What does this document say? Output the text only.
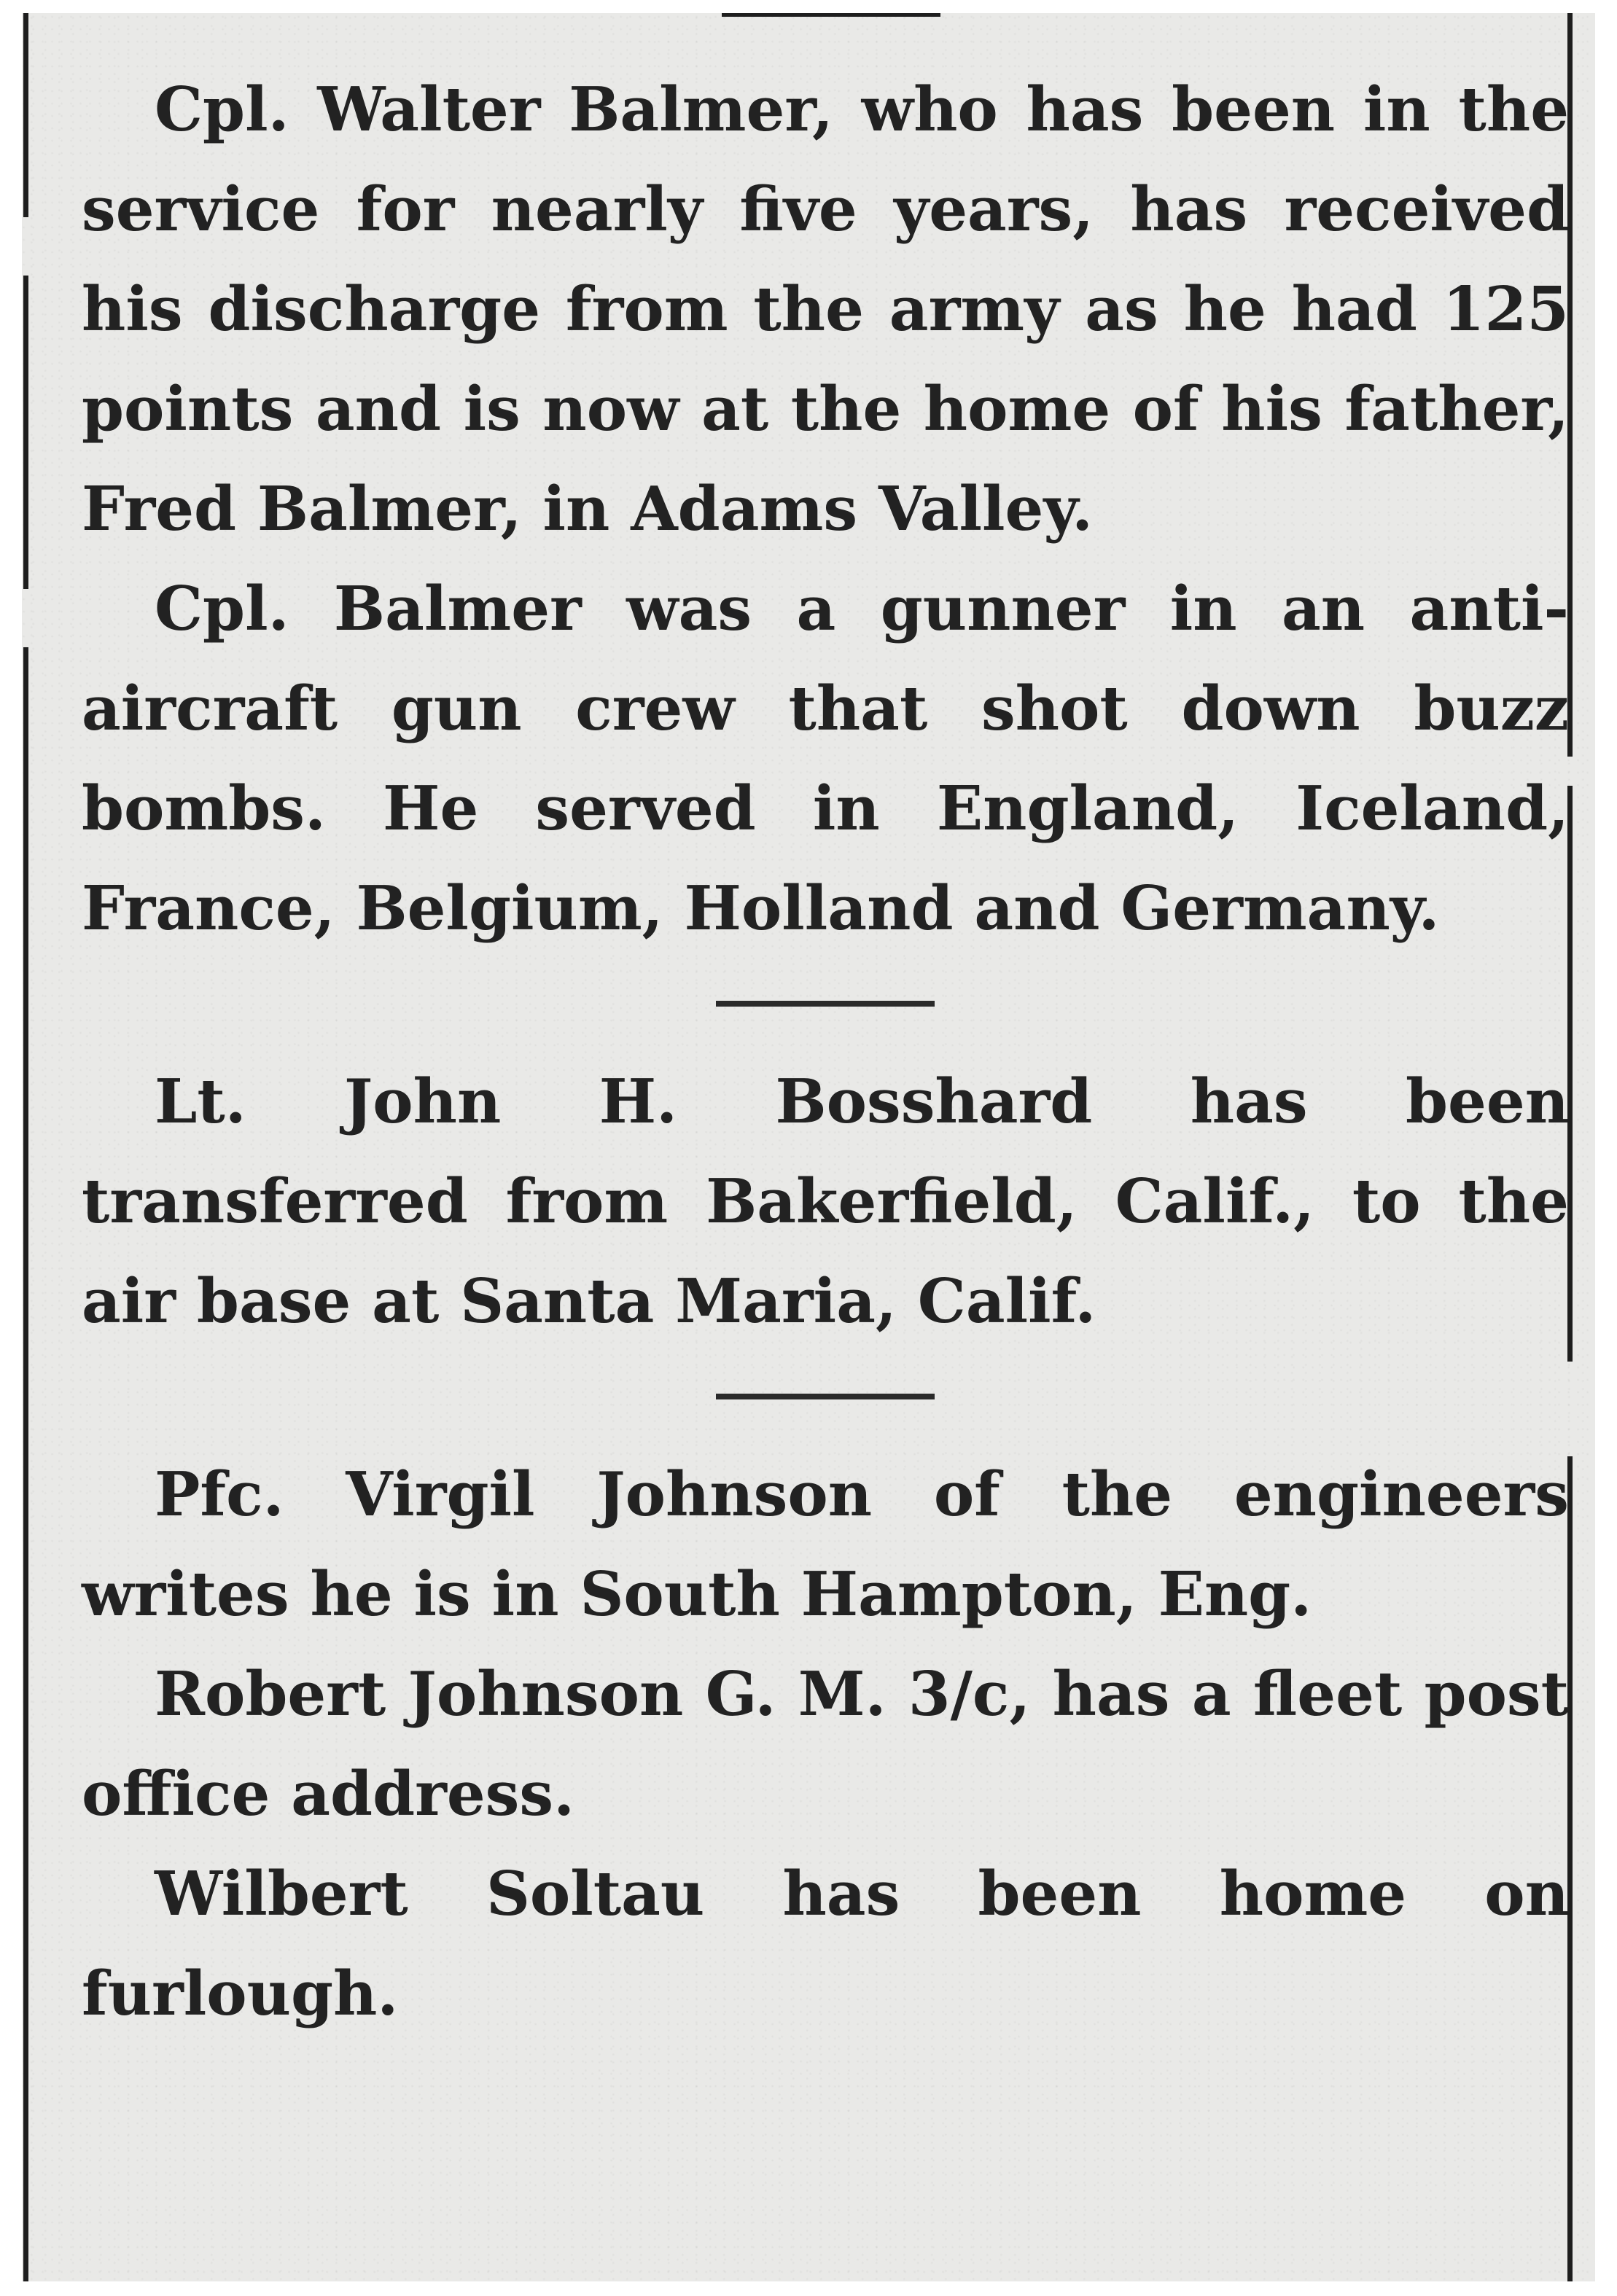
Cpl. Walter Balmer, who has been in the service for nearly five years, has received his discharge from the army as he had 125 points and is now at the home of his father, Fred Balmer, in Adams Valley.

Cpl. Balmer was a gunner in an anti-aircraft gun crew that shot down buzz bombs. He served in England, Iceland, France, Belgium, Holland and Germany.

Lt. John H. Bosshard has been transferred from Bakerfield, Calif., to the air base at Santa Maria, Calif.

Pfc. Virgil Johnson of the engineers writes he is in South Hampton, Eng.

Robert Johnson G. M. 3/c, has a fleet post office address.

Wilbert Soltau has been home on furlough.
